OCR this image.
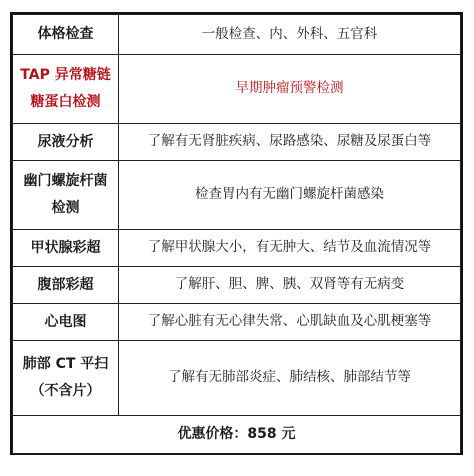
体格检查	一般检查、内、外科、五官科

TAP 异常糖链
糖蛋白检测	早期肿瘤预警检测

尿液分析	了解有无肾脏疾病、尿路感染、尿糖及尿蛋白等

幽门螺旋杆菌
检测	检查胃内有无幽门螺旋杆菌感染

甲状腺彩超	了解甲状腺大小，有无肿大、结节及血流情况等

腹部彩超	了解肝、胆、脾、胰、双肾等有无病变

心电图	了解心脏有无心律失常、心肌缺血及心肌梗塞等

肺部 CT 平扫
（不含片）	了解有无肺部炎症、肺结核、肺部结节等
优惠价格：858 元	
